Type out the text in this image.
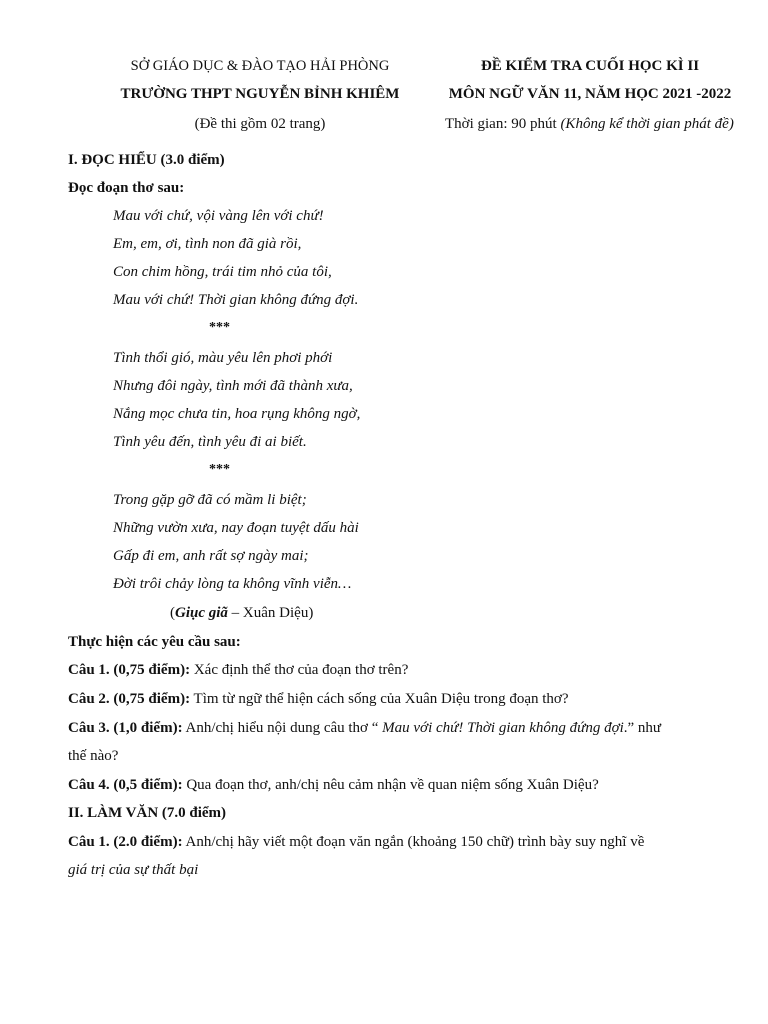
SỞ GIÁO DỤC & ĐÀO TẠO HẢI PHÒNG
TRƯỜNG THPT NGUYỄN BỈNH KHIÊM
(Đề thi gồm 02 trang)
ĐỀ KIỂM TRA CUỐI HỌC KÌ II
MÔN NGỮ VĂN 11, NĂM HỌC 2021 -2022
Thời gian: 90 phút (Không kể thời gian phát đề)
I. ĐỌC HIỂU (3.0 điểm)
Đọc đoạn thơ sau:
Mau với chứ, vội vàng lên với chứ!
Em, em, ơi, tình non đã già rồi,
Con chim hồng, trái tim nhỏ của tôi,
Mau với chứ! Thời gian không đứng đợi.
***
Tình thổi gió, màu yêu lên phơi phới
Nhưng đôi ngày, tình mới đã thành xưa,
Nắng mọc chưa tin, hoa rụng không ngờ,
Tình yêu đến, tình yêu đi ai biết.
***
Trong gặp gỡ đã có mầm li biệt;
Những vườn xưa, nay đoạn tuyệt dấu hài
Gấp đi em, anh rất sợ ngày mai;
Đời trôi chảy lòng ta không vĩnh viễn…
(Giục giã – Xuân Diệu)
Thực hiện các yêu cầu sau:
Câu 1. (0,75 điểm): Xác định thể thơ của đoạn thơ trên?
Câu 2. (0,75 điểm): Tìm từ ngữ thể hiện cách sống của Xuân Diệu trong đoạn thơ?
Câu 3. (1,0 điểm): Anh/chị hiểu nội dung câu thơ “ Mau với chứ! Thời gian không đứng đợi.” như
thế nào?
Câu 4. (0,5 điểm): Qua đoạn thơ, anh/chị nêu cảm nhận về quan niệm sống Xuân Diệu?
II. LÀM VĂN (7.0 điểm)
Câu 1. (2.0 điểm): Anh/chị hãy viết một đoạn văn ngắn (khoảng 150 chữ) trình bày suy nghĩ về
giá trị của sự thất bại
